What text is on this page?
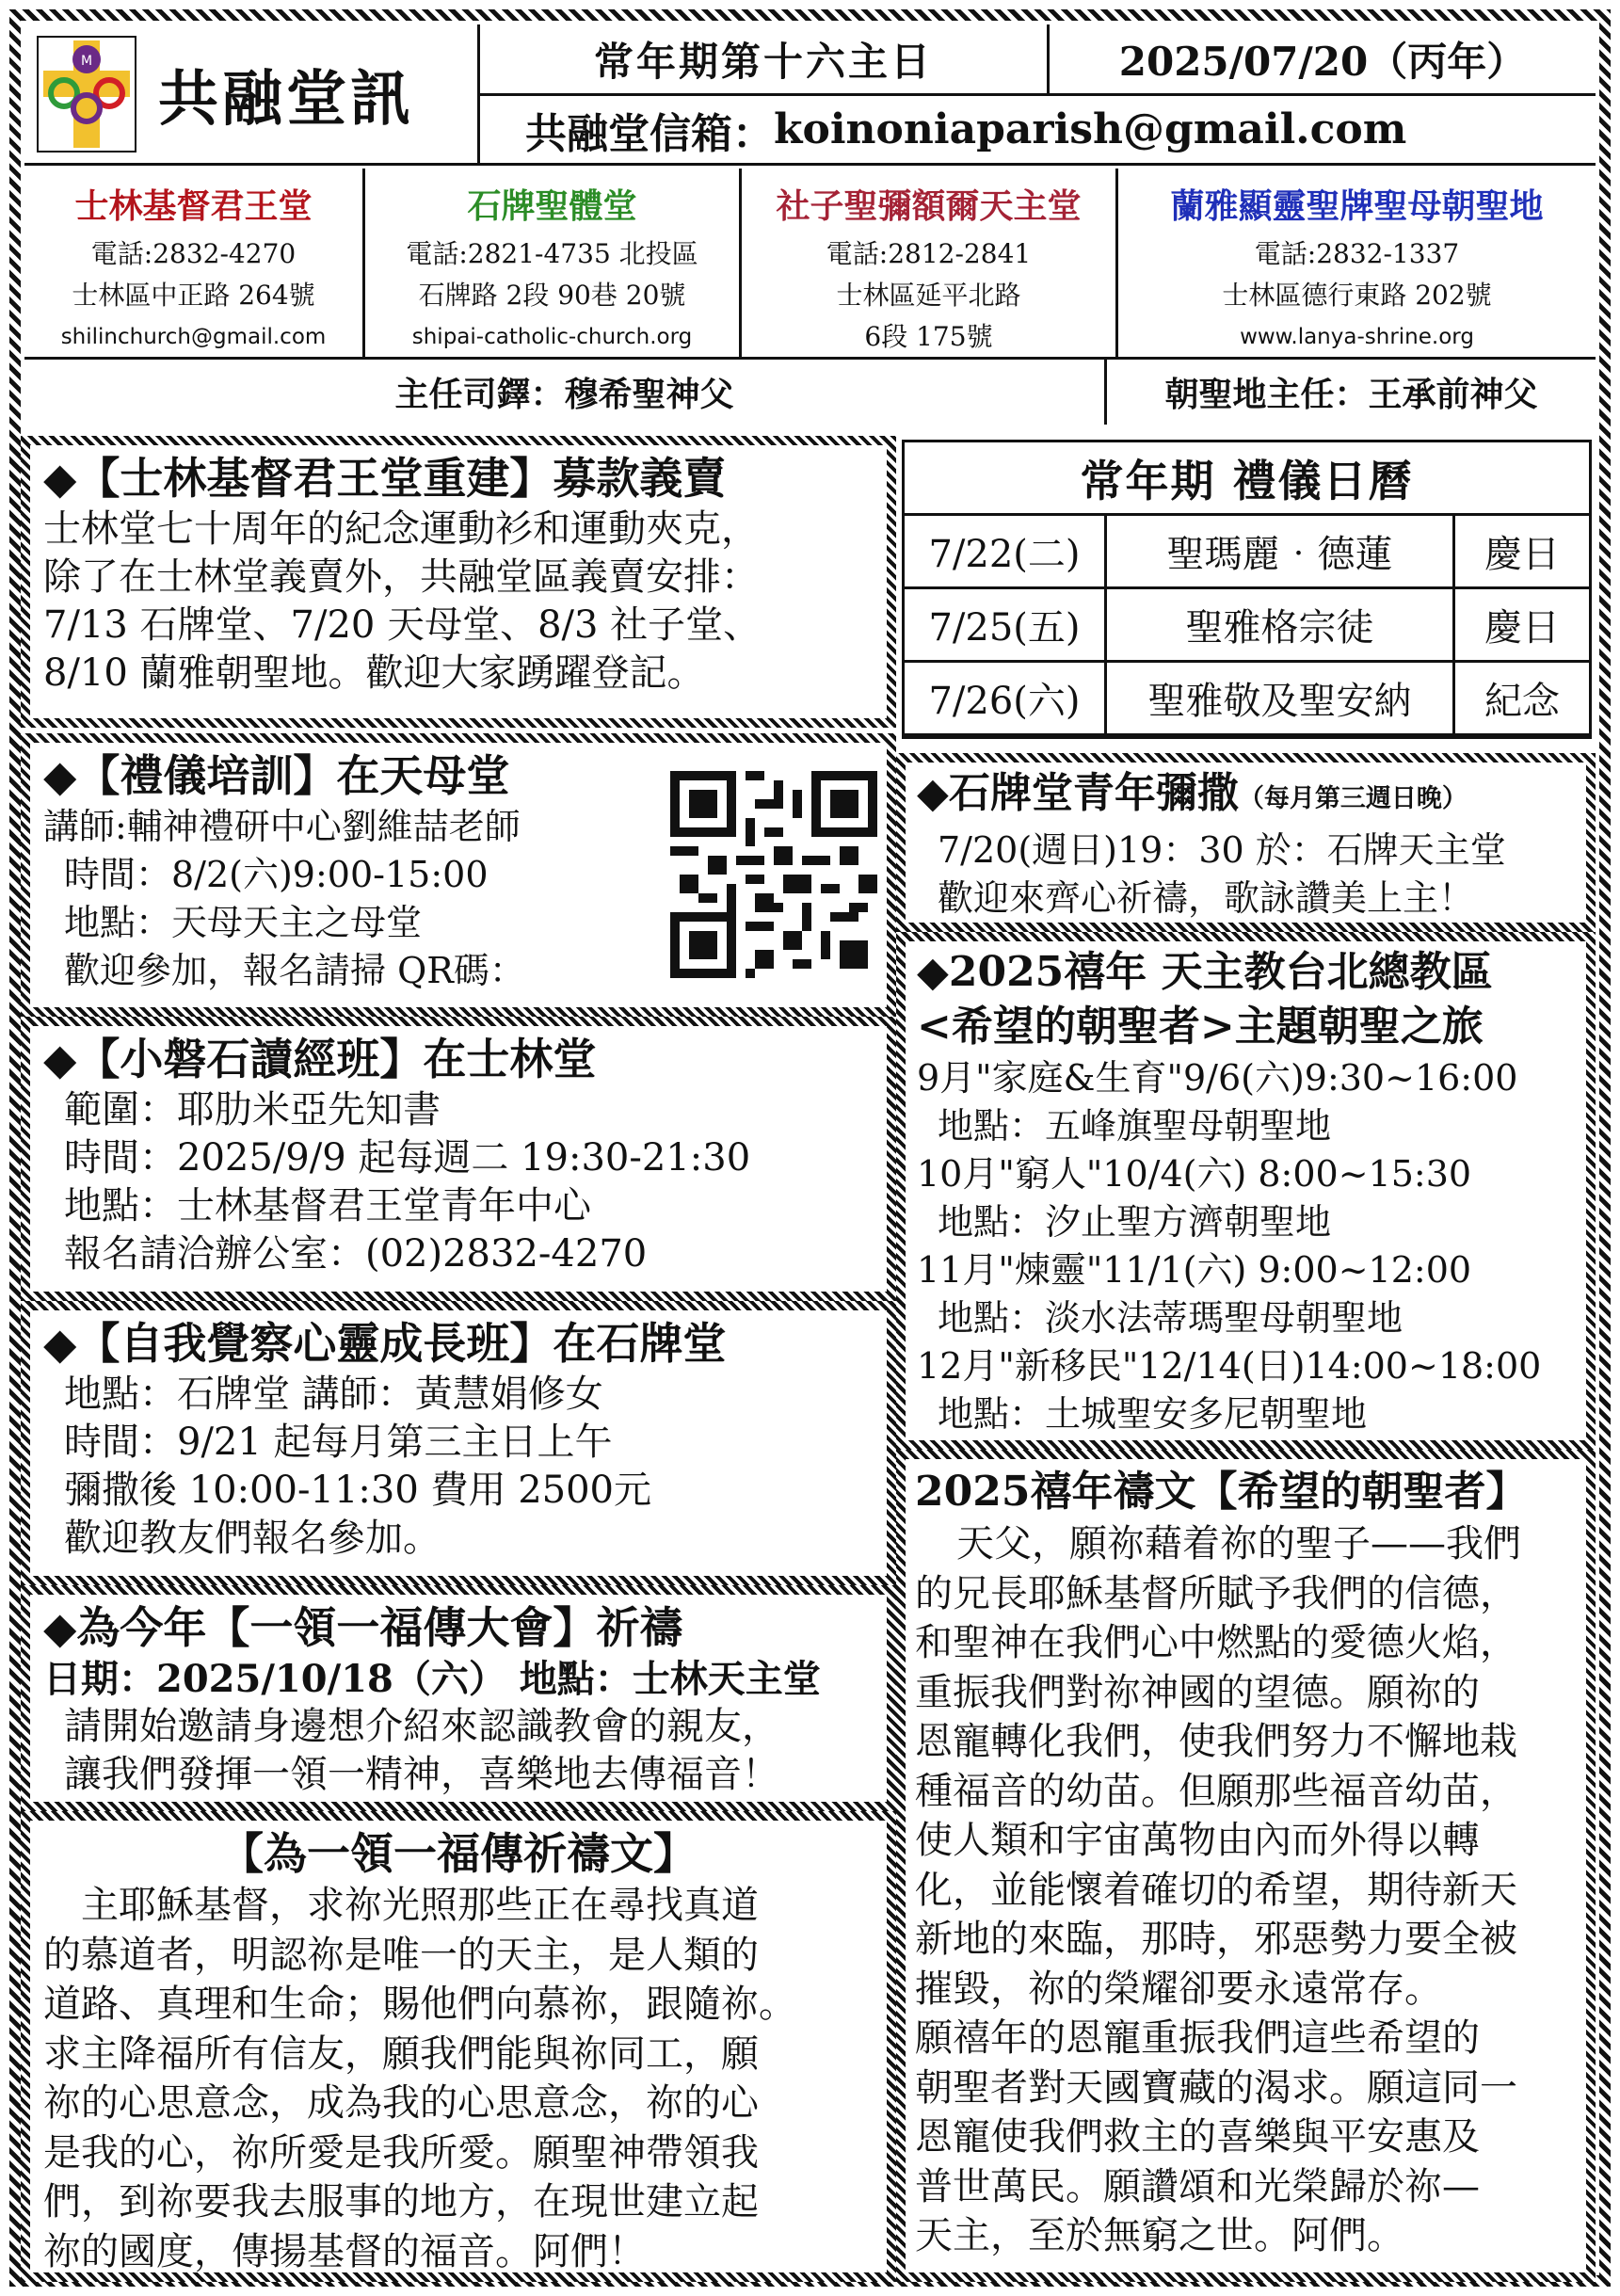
M
共融堂訊
常年期第十六主日	2025/07/20（丙年）
共融堂信箱： koinoniaparish@gmail.com
士林基督君王堂
電話:2832-4270
士林區中正路 264號
shilinchurch@gmail.com
石牌聖體堂
電話:2821-4735 北投區
石牌路 2段 90巷 20號
shipai-catholic-church.org
社子聖彌額爾天主堂
電話:2812-2841
士林區延平北路
6段 175號
蘭雅顯靈聖牌聖母朝聖地
電話:2832-1337
士林區德行東路 202號
www.lanya-shrine.org
主任司鐸：穆希聖神父	朝聖地主任：王承前神父
◆【士林基督君王堂重建】募款義賣
士林堂七十周年的紀念運動衫和運動夾克，
除了在士林堂義賣外，共融堂區義賣安排：
7/13 石牌堂、7/20 天母堂、8/3 社子堂、
8/10 蘭雅朝聖地。歡迎大家踴躍登記。
◆【禮儀培訓】在天母堂
講師:輔神禮研中心劉維喆老師
時間：8/2(六)9:00-15:00
地點：天母天主之母堂
歡迎參加，報名請掃 QR碼：
◆【小磐石讀經班】在士林堂
範圍：耶肋米亞先知書
時間：2025/9/9 起每週二 19:30-21:30
地點：士林基督君王堂青年中心
報名請洽辦公室：(02)2832-4270
◆【自我覺察心靈成長班】在石牌堂
地點：石牌堂 講師：黃慧娟修女
時間：9/21 起每月第三主日上午
彌撒後 10:00-11:30 費用 2500元
歡迎教友們報名參加。
◆為今年【一領一福傳大會】祈禱
日期：2025/10/18（六） 地點：士林天主堂
請開始邀請身邊想介紹來認識教會的親友，
讓我們發揮一領一精神，喜樂地去傳福音！
【為一領一福傳祈禱文】
主耶穌基督，求祢光照那些正在尋找真道
的慕道者，明認祢是唯一的天主，是人類的
道路、真理和生命；賜他們向慕祢，跟隨祢。
求主降福所有信友，願我們能與祢同工，願
祢的心思意念，成為我的心思意念，祢的心
是我的心，祢所愛是我所愛。願聖神帶領我
們，到祢要我去服事的地方，在現世建立起
祢的國度，傳揚基督的福音。阿們！
常年期 禮儀日曆
7/22(二)	聖瑪麗‧德蓮	慶日
7/25(五)	聖雅格宗徒	慶日
7/26(六)	聖雅敬及聖安納	紀念
◆石牌堂青年彌撒（每月第三週日晚）
7/20(週日)19：30 於：石牌天主堂
歡迎來齊心祈禱，歌詠讚美上主！
◆2025禧年 天主教台北總教區
<希望的朝聖者>主題朝聖之旅
9月"家庭&生育"9/6(六)9:30~16:00
地點：五峰旗聖母朝聖地
10月"窮人"10/4(六) 8:00~15:30
地點：汐止聖方濟朝聖地
11月"煉靈"11/1(六) 9:00~12:00
地點：淡水法蒂瑪聖母朝聖地
12月"新移民"12/14(日)14:00~18:00
地點：土城聖安多尼朝聖地
2025禧年禱文【希望的朝聖者】
天父，願祢藉着祢的聖子——我們
的兄長耶穌基督所賦予我們的信德，
和聖神在我們心中燃點的愛德火焰，
重振我們對祢神國的望德。願祢的
恩寵轉化我們，使我們努力不懈地栽
種福音的幼苗。但願那些福音幼苗，
使人類和宇宙萬物由內而外得以轉
化，並能懷着確切的希望，期待新天
新地的來臨，那時，邪惡勢力要全被
摧毀，祢的榮耀卻要永遠常存。
願禧年的恩寵重振我們這些希望的
朝聖者對天國寶藏的渴求。願這同一
恩寵使我們救主的喜樂與平安惠及
普世萬民。願讚頌和光榮歸於祢—
天主，至於無窮之世。阿們。
